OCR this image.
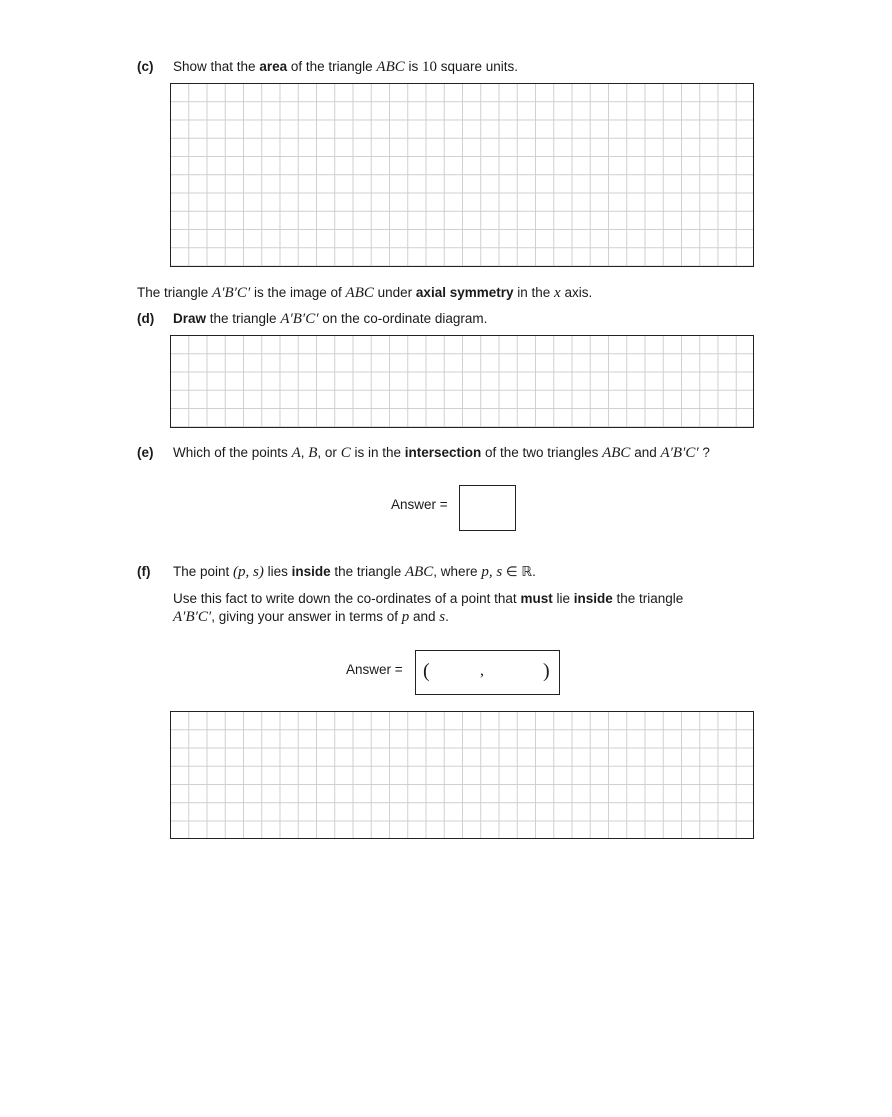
(c) Show that the area of the triangle ABC is 10 square units.
The triangle A′B′C′ is the image of ABC under axial symmetry in the x axis.
(d) Draw the triangle A′B′C′ on the co-ordinate diagram.
(e) Which of the points A, B, or C is in the intersection of the two triangles ABC and A′B′C′ ?
Answer =
(f) The point (p, s) lies inside the triangle ABC, where p, s ∈ ℝ.
Use this fact to write down the co-ordinates of a point that must lie inside the triangle
A′B′C′, giving your answer in terms of p and s.
Answer = (	,	)
